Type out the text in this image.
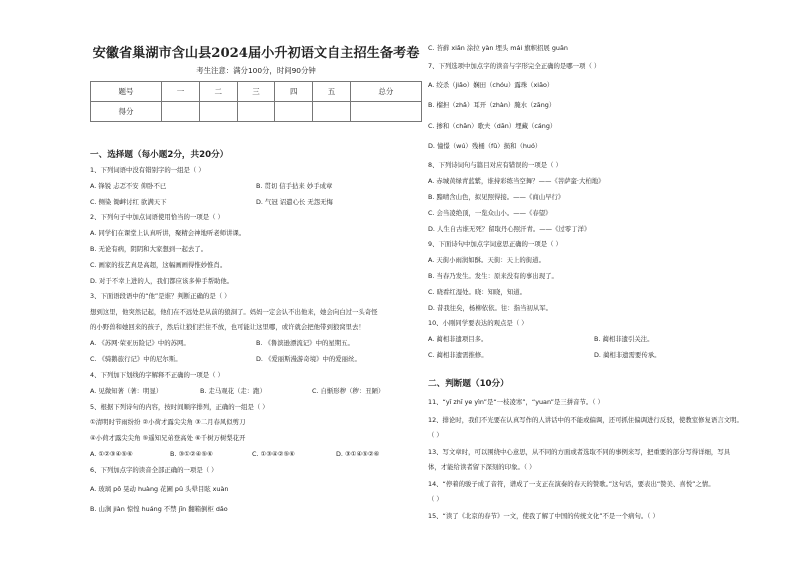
安徽省巢湖市含山县2024届小升初语文自主招生备考卷
考生注意：满分100分，时间90分钟
题号	一	二	三	四	五	总分
得分						
一、选择题（每小题2分，共20分）
1、下列词语中没有错别字的一组是（ ）
A. 锋锐 忐忑不安 仰卧不已	B. 贯切 信手拈来 妙手成章
C. 侧染 锄衅讨红 欲满天下	D. 气冠 诏遣心长 无怨无悔
2、下列句子中加点词语使用恰当的一项是（ ）
A. 同学们在课堂上认真听讲，聚精会神地听老师讲课。
B. 无论有病，阴阴和大家想到一起去了。
C. 画家的技艺真是高超，这幅画画得惟妙惟肖。
D. 对于不幸上进的人，我们都应该多伸手帮助他。
3、下面语段语中的“他”是谁？判断正确的是（ ）
想到这里，他突然记起，他们在不远处是从前的狼洞了。妈妈一定会认不出他来，她会向白过一头奇怪
的小野兽和她回来的孩子，然后让狼们拦住不放，也可能让这里哪，或许就会把他带到狼窝里去！
A. 《苏网·荣亚历险记》中的苏网。	B. 《鲁滨逊漂流记》中的星期五。
C. 《骑鹅旅行记》中的尼尔斯。	D. 《爱丽斯漫游奇境》中的爱丽丝。
4、下列加下划线的字解释不正确的一项是（ ）
A. 见微知著（著：明显）	B. 走马观花（走：跑）	C. 自惭形秽（秽：丑陋）
5、根据下列诗句的内容，按时间顺序排列，正确的一组是（ ）
①清明时节雨纷纷 ②小荷才露尖尖角 ③二月春风似剪刀
④小荷才露尖尖角 ⑤遥知兄弟登高处 ⑥千树万树梨花开
A. ①②③④⑤⑥	B. ③①②④⑤⑥	C. ①③④②⑤⑥	D. ③①④⑤②⑥
6、下列加点字的读音全部正确的一项是（ ）
A. 玻璃 pō 晃动 huàng 花圃 pǔ 头晕目眩 xuàn
B. 山涧 jiàn 惊惶 huáng 不禁 jīn 翻箱倒柜 dǎo
C. 苔藓 xiǎn 涂拉 yàn 埋头 mái 旗帜招展 guān
7、下列选项中加点字的读音与字形完全正确的是哪一项（ ）
A. 绞杀（jiǎo）娴田（chóu）露珠（xiāo）
B. 榴担（zhǎ）耳开（zhàn）腌水（zāng）
C. 掺和（chān）歌夫（dān）埋藏（cáng）
D. 憧憬（wú）残桶（fǔ）损和（huó）
8、下列诗词句与篇目对应有错误的一项是（ ）
A. 赤城黄绿青蓝紫，谁持彩练当空舞？——《菩萨蛮·大柏地》
B. 黯晴含山色，拟见照得接。——《商山早行》
C. 会当凌绝顶，一览众山小。——《春望》
D. 人生自古谁无死？留取丹心照汗青。——《过零丁洋》
9、下面诗句中加点字词意思正确的一项是（ ）
A. 天街小雨润如酥。天街：天上的街道。
B. 当春乃发生。发生：原来没有的事出现了。
C. 晓看红湿处。晓：知晓，知道。
D. 昔我往矣，杨柳依依。往：指当初从军。
10、小刚同学要表达的观点是（ ）
A. 蔺相非遗项目多。	B. 蔺相非遗引关注。
C. 蔺相非遗需推修。	D. 蔺相非遗需要传承。
二、判断题（10分）
11、“yī zhī ye yìn”是“一枝凌寒”，“yuan”是三拼音节。（ ）
12、排论时，我们不光要在认真写作的人讲话中的不能或偏调，还可抓住偏调进行反驳，使教室修复语言文明。
（ ）
13、写文章时，可以围绕中心意思，从不同的方面或者选取不同的事例来写，把重要的部分写得详细，写具
体，才能给读者留下深刻的印象。（ ）
14、“停着的骏子成了音符，谱成了一支正在演奏的春天的赞歌。”这句话，要表出“赞美、喜悦”之情。
（ ）
15、“读了《北京的春节》一文，使我了解了中国的传统文化”不是一个病句。（ ）
